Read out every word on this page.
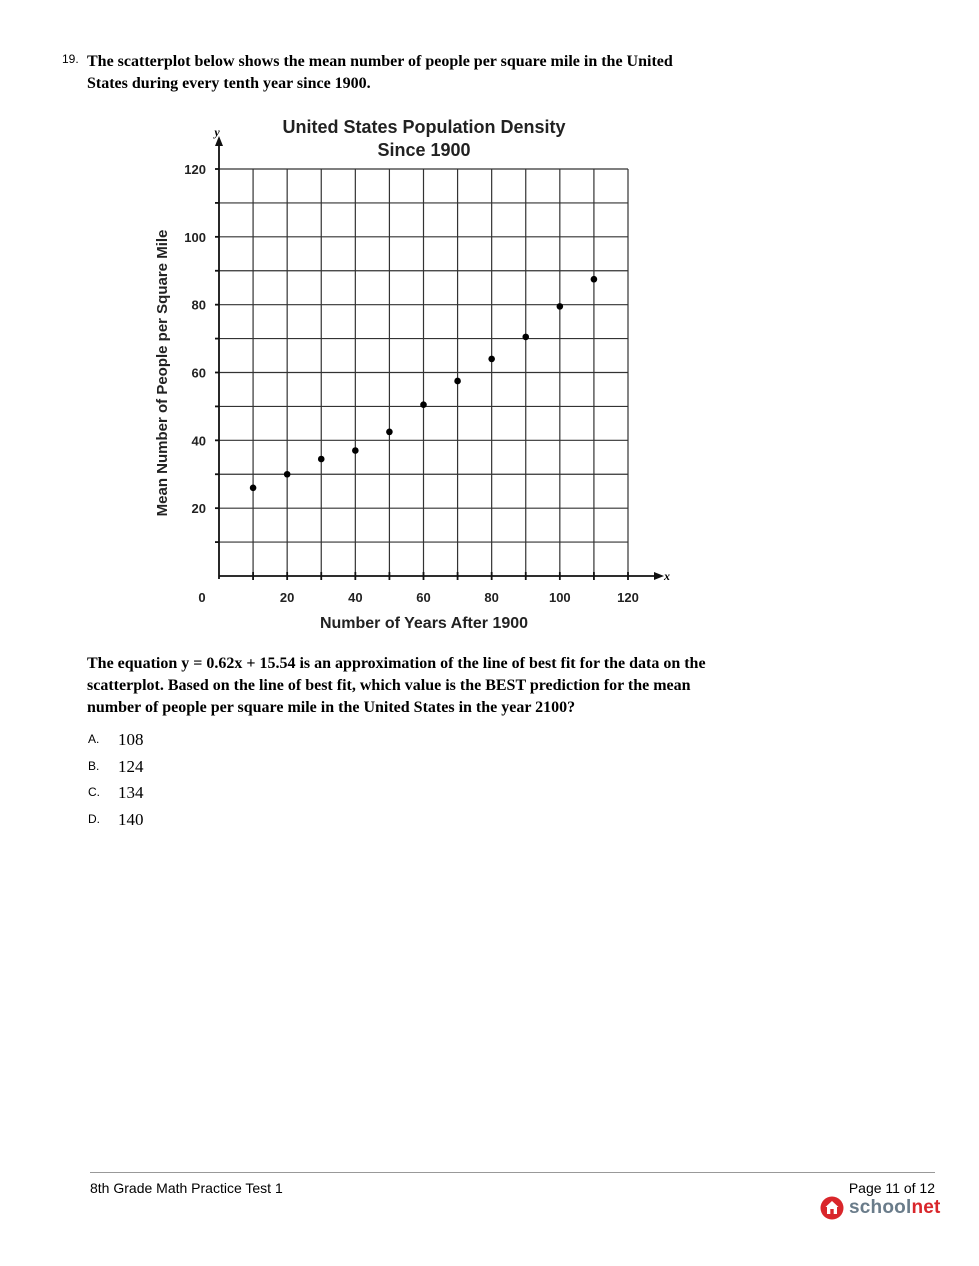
19. The scatterplot below shows the mean number of people per square mile in the United
States during every tenth year since 1900.
United States Population Density
Since 1900
0	20	40	60	80	100	120
20
40
60
80
100
120
x
y
Number of Years After 1900
Mean Number of People per Square Mile
The equation y = 0.62x + 15.54 is an approximation of the line of best fit for the data on the
scatterplot. Based on the line of best fit, which value is the BEST prediction for the mean
number of people per square mile in the United States in the year 2100?
A. 108
B. 124
C. 134
D. 140
8th Grade Math Practice Test 1	Page 11 of 12
schoolnet
